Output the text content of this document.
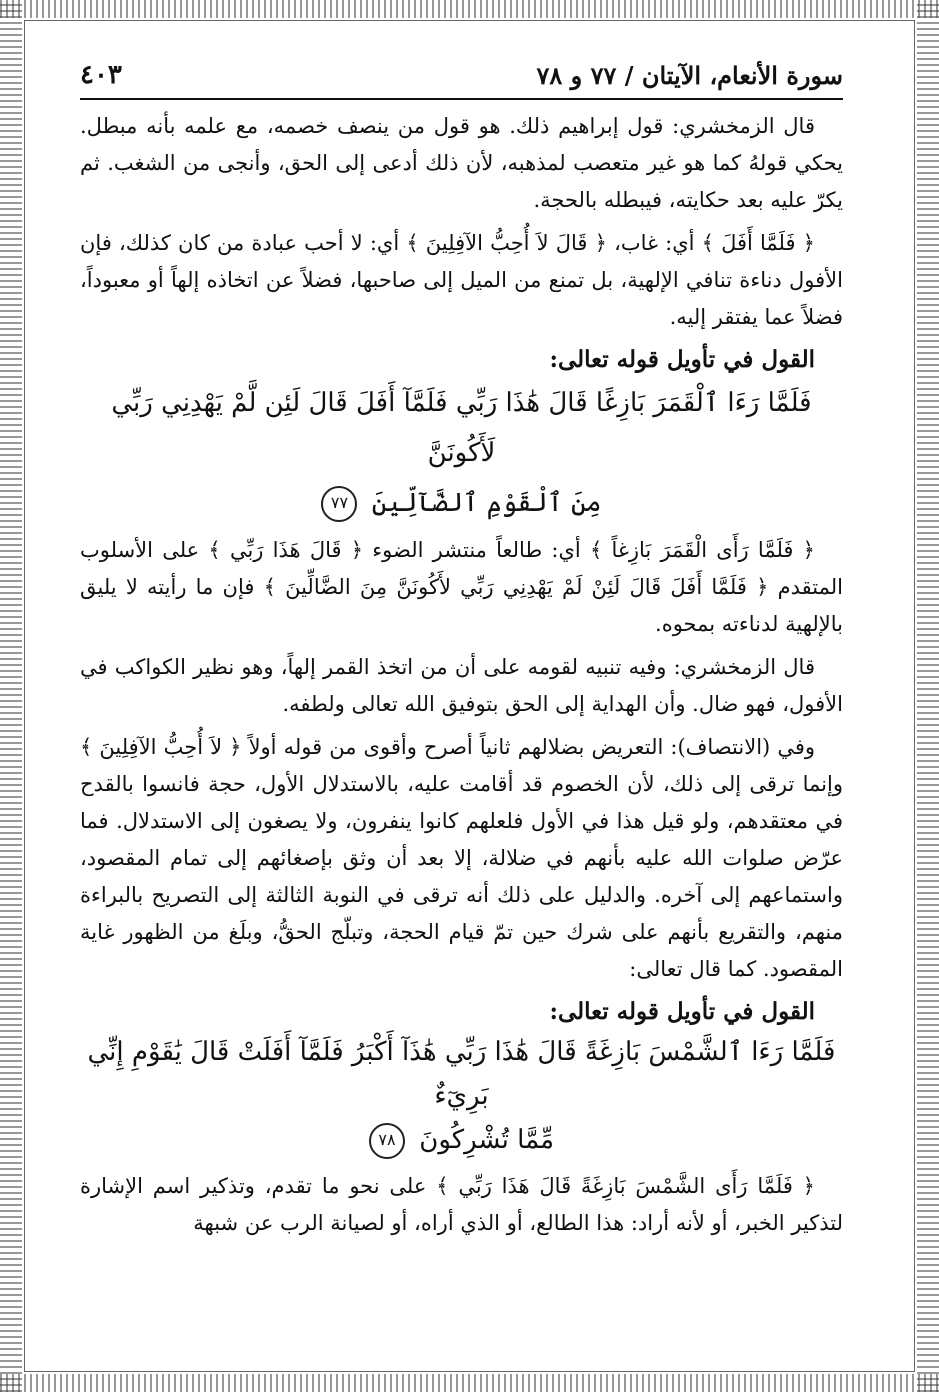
سورة الأنعام، الآيتان / ٧٧ و ٧٨
٤٠٣

قال الزمخشري: قول إبراهيم ذلك. هو قول من ينصف خصمه، مع علمه بأنه مبطل. يحكي قولهُ كما هو غير متعصب لمذهبه، لأن ذلك أدعى إلى الحق، وأنجى من الشغب. ثم يكرّ عليه بعد حكايته، فيبطله بالحجة.

﴿ فَلَمَّا أَفَلَ ﴾ أي: غاب، ﴿ قَالَ لاَ أُحِبُّ الآفِلِينَ ﴾ أي: لا أحب عبادة من كان كذلك، فإن الأفول دناءة تنافي الإلهية، بل تمنع من الميل إلى صاحبها، فضلاً عن اتخاذه إلهاً أو معبوداً، فضلاً عما يفتقر إليه.

القول في تأويل قوله تعالى:

فَلَمَّا رَءَا ٱلْقَمَرَ بَازِغًا قَالَ هَٰذَا رَبِّي فَلَمَّآ أَفَلَ قَالَ لَئِن لَّمْ يَهْدِنِي رَبِّي لَأَكُونَنَّ

مِنَ ٱلْقَوْمِ ٱلضَّآلِّينَ ٧٧

﴿ فَلَمَّا رَأَى الْقَمَرَ بَازِغاً ﴾ أي: طالعاً منتشر الضوء ﴿ قَالَ هَذَا رَبِّي ﴾ على الأسلوب المتقدم ﴿ فَلَمَّا أَفَلَ قَالَ لَئِنْ لَمْ يَهْدِنِي رَبِّي لأَكُونَنَّ مِنَ الضَّالِّينَ ﴾ فإن ما رأيته لا يليق بالإلهية لدناءته بمحوه.

قال الزمخشري: وفيه تنبيه لقومه على أن من اتخذ القمر إلهاً، وهو نظير الكواكب في الأفول، فهو ضال. وأن الهداية إلى الحق بتوفيق الله تعالى ولطفه.

وفي (الانتصاف): التعريض بضلالهم ثانياً أصرح وأقوى من قوله أولاً ﴿ لاَ أُحِبُّ الآفِلِينَ ﴾ وإنما ترقى إلى ذلك، لأن الخصوم قد أقامت عليه، بالاستدلال الأول، حجة فانسوا بالقدح في معتقدهم، ولو قيل هذا في الأول فلعلهم كانوا ينفرون، ولا يصغون إلى الاستدلال. فما عرّض صلوات الله عليه بأنهم في ضلالة، إلا بعد أن وثق بإصغائهم إلى تمام المقصود، واستماعهم إلى آخره. والدليل على ذلك أنه ترقى في النوبة الثالثة إلى التصريح بالبراءة منهم، والتقريع بأنهم على شرك حين تمّ قيام الحجة، وتبلّج الحقُّ، وبلَغ من الظهور غاية المقصود. كما قال تعالى:

القول في تأويل قوله تعالى:

فَلَمَّا رَءَا ٱلشَّمْسَ بَازِغَةً قَالَ هَٰذَا رَبِّي هَٰذَآ أَكْبَرُ فَلَمَّآ أَفَلَتْ قَالَ يَٰقَوْمِ إِنِّي بَرِيٓءٌ

مِّمَّا تُشْرِكُونَ ٧٨

﴿ فَلَمَّا رَأَى الشَّمْسَ بَازِغَةً قَالَ هَذَا رَبِّي ﴾ على نحو ما تقدم، وتذكير اسم الإشارة لتذكير الخبر، أو لأنه أراد: هذا الطالع، أو الذي أراه، أو لصيانة الرب عن شبهة
